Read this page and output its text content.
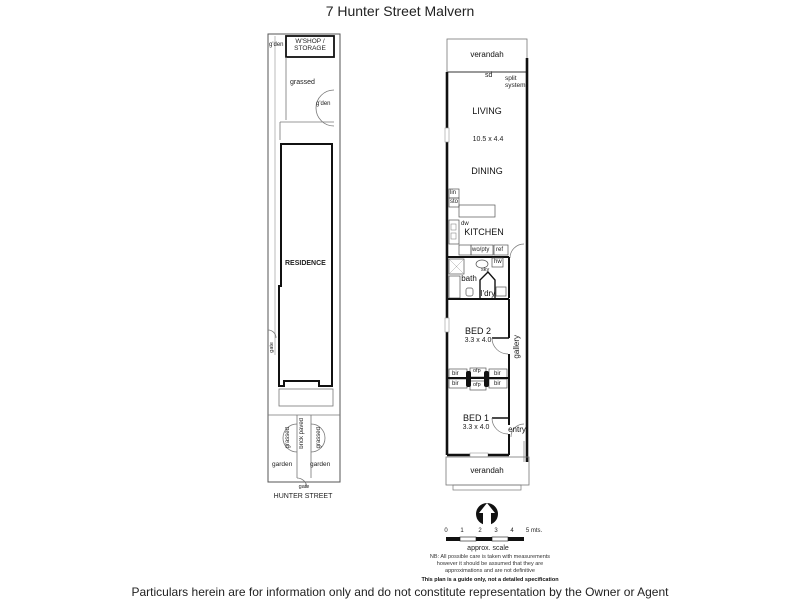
7 Hunter Street Malvern
W'SHOP /
STORAGE
g'den
grassed
g'den
RESIDENCE
gate
grassed brick paved grassed
garden	garden
gate
HUNTER STREET
verandah
sd split
system
LIVING
10.5 x 4.4
DINING
lin
sto
dw
KITCHEN
wo/pty ref
hw
sky
bath
l'dry
BED 2
3.3 x 4.0	gallery
bir
bir
bir
bir
ofp
ofp
BED 1
3.3 x 4.0 entry
verandah
N
0 1 2 3 4 5 mts.
approx. scale
NB: All possible care is taken with measurements
however it should be assumed that they are
approximations and are not definitive
This plan is a guide only, not a detailed specification
Particulars herein are for information only and do not constitute representation by the Owner or Agent
